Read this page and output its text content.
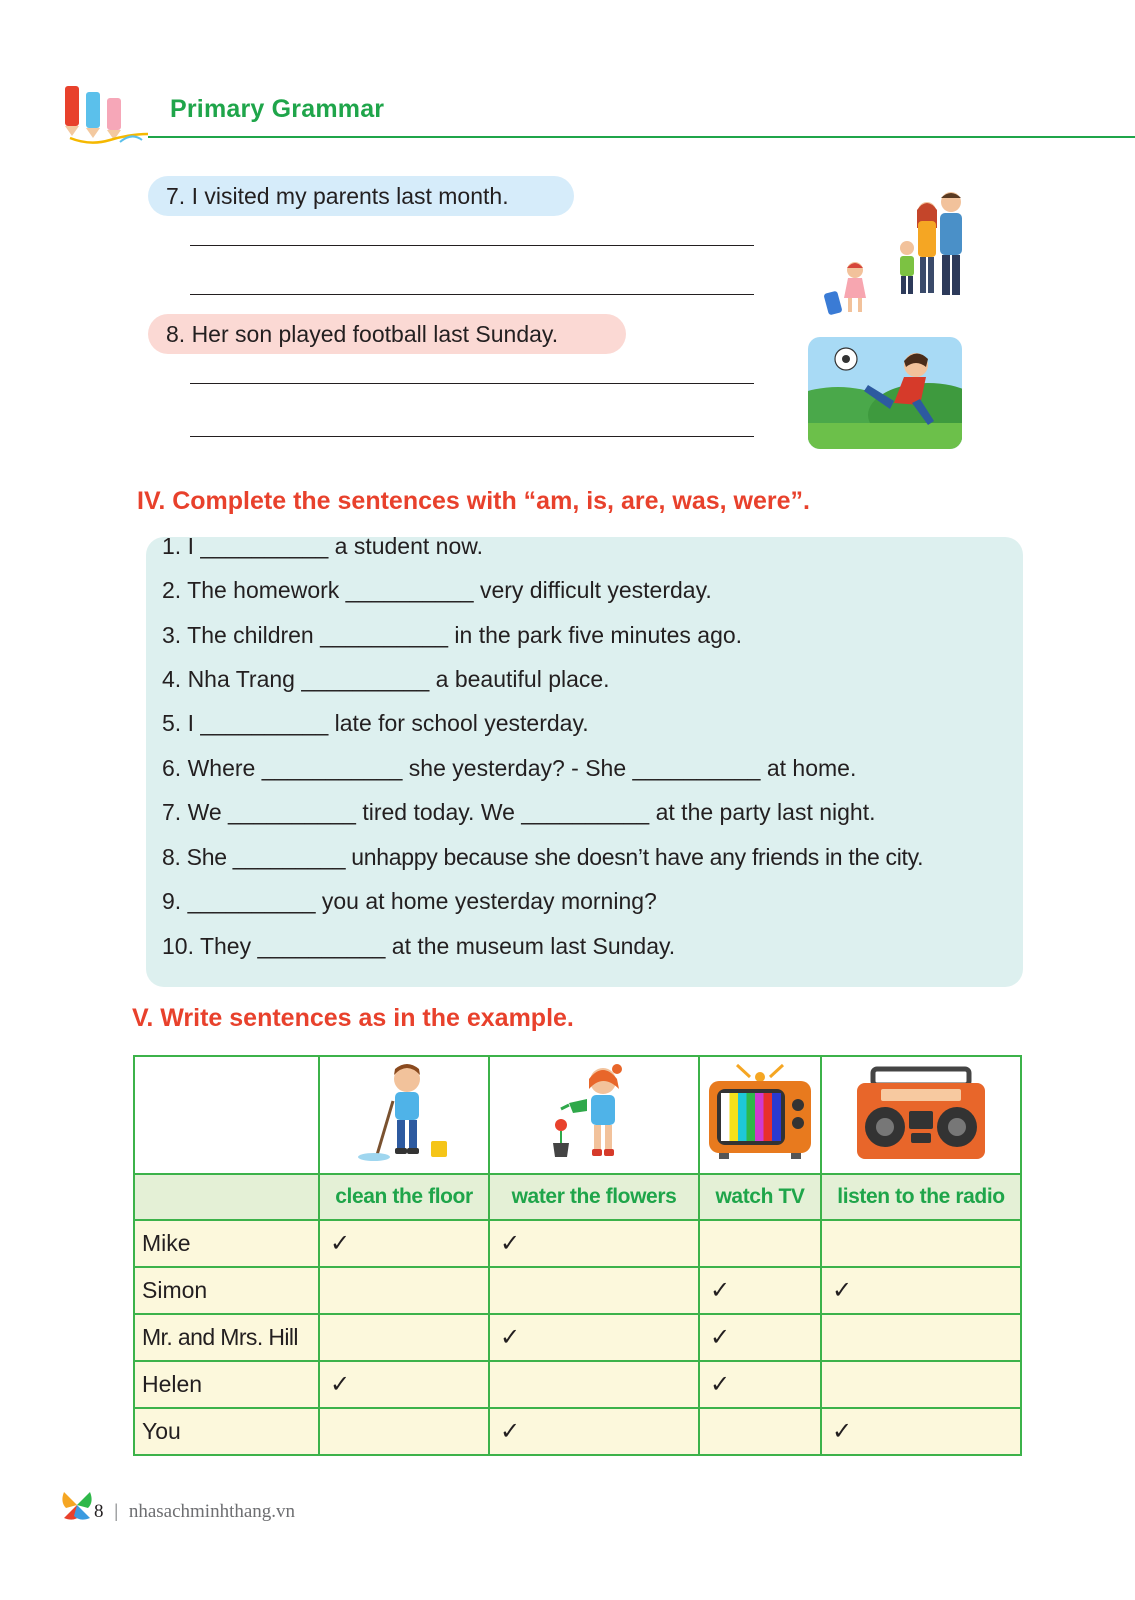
Primary Grammar
7. I visited my parents last month.
8. Her son played football last Sunday.
IV. Complete the sentences with “am, is, are, was, were”.
1. I __________ a student now.
2. The homework __________ very difficult yesterday.
3. The children __________ in the park five minutes ago.
4. Nha Trang __________ a beautiful place.
5. I __________ late for school yesterday.
6. Where ___________ she yesterday? - She __________ at home.
7. We __________ tired today. We __________ at the party last night.
8. She _________ unhappy because she doesn’t have any friends in the city.
9. __________ you at home yesterday morning?
10. They __________ at the museum last Sunday.
V. Write sentences as in the example.

	clean the floor	water the flowers	watch TV	listen to the radio
Mike	✓	✓		
Simon			✓	✓
Mr. and Mrs. Hill		✓	✓	
Helen	✓		✓	
You		✓		✓
8 | nhasachminhthang.vn
